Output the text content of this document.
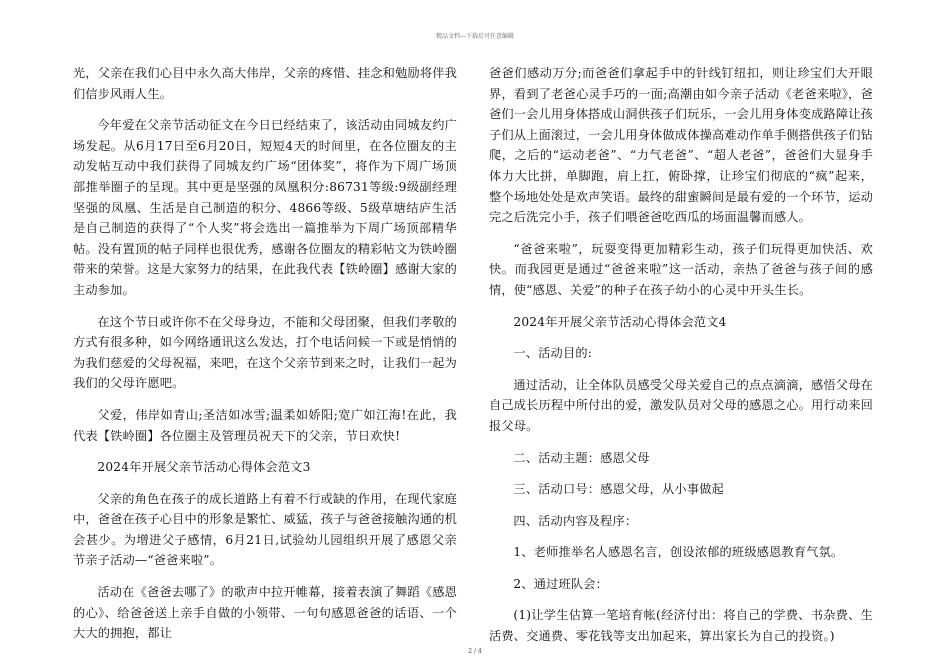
精品文档---下载后可任意编辑

光，父亲在我们心目中永久高大伟岸，父亲的疼惜、挂念和勉励将伴我们信步风雨人生。

今年爱在父亲节活动征文在今日已经结束了，该活动由同城友约广场发起。从6月17日至6月20日，短短4天的时间里，在各位圈友的主动发帖互动中我们获得了同城友约广场“团体奖”，将作为下周广场顶部推举圈子的呈现。其中更是坚强的凤凰积分:86731等级:9级副经理坚强的凤凰、生活是自己制造的积分、4866等级、5级草塘结庐生活是自己制造的获得了“个人奖”将会选出一篇推举为下周广场顶部精华帖。没有置顶的帖子同样也很优秀，感谢各位圈友的精彩帖文为铁岭圈带来的荣誉。这是大家努力的结果，在此我代表【铁岭圈】感谢大家的主动参加。

在这个节日或许你不在父母身边，不能和父母团聚，但我们孝敬的方式有很多种，如今网络通讯这么发达，打个电话问候一下或是悄悄的为我们慈爱的父母祝福，来吧，在这个父亲节到来之时，让我们一起为我们的父母许愿吧。

父爱，伟岸如青山;圣洁如冰雪;温柔如娇阳;宽广如江海!在此，我代表【铁岭圈】各位圈主及管理员祝天下的父亲，节日欢快!

2024年开展父亲节活动心得体会范文3

父亲的角色在孩子的成长道路上有着不行或缺的作用，在现代家庭中，爸爸在孩子心目中的形象是繁忙、威猛，孩子与爸爸接触沟通的机会甚少。为增进父子感情，6月21日,试验幼儿园组织开展了感恩父亲节亲子活动—“爸爸来啦”。

活动在《爸爸去哪了》的歌声中拉开帷幕，接着表演了舞蹈《感恩的心》、给爸爸送上亲手自做的小领带、一句句感恩爸爸的话语、一个大大的拥抱，都让

爸爸们感动万分;而爸爸们拿起手中的针线钉纽扣，则让珍宝们大开眼界，看到了老爸心灵手巧的一面;高潮由如今亲子活动《老爸来啦》，爸爸们一会儿用身体搭成山洞供孩子们玩乐，一会儿用身体变成路障让孩子们从上面滚过，一会儿用身体做成体操高难动作单手侧搭供孩子们钻爬，之后的“运动老爸”、“力气老爸”、“超人老爸”，爸爸们大显身手体力大比拼，单脚跑，肩上扛，俯卧撑，让珍宝们彻底的“疯”起来，整个场地处处是欢声笑语。最终的甜蜜瞬间是最有爱的一个环节，运动完之后洗完小手，孩子们喂爸爸吃西瓜的场面温馨而感人。

“爸爸来啦”，玩耍变得更加精彩生动，孩子们玩得更加快活、欢快。而我园更是通过“爸爸来啦”这一活动，亲热了爸爸与孩子间的感情，使“感恩、关爱”的种子在孩子幼小的心灵中开头生长。

2024年开展父亲节活动心得体会范文4

一、活动目的:

通过活动，让全体队员感受父母关爱自己的点点滴滴，感悟父母在自己成长历程中所付出的爱，激发队员对父母的感恩之心。用行动来回报父母。

二、活动主题：感恩父母

三、活动口号：感恩父母，从小事做起

四、活动内容及程序：

1、老师推举名人感恩名言，创设浓郁的班级感恩教育气氛。

2、通过班队会：

(1)让学生估算一笔培育帐(经济付出：将自己的学费、书杂费、生活费、交通费、零花钱等支出加起来，算出家长为自己的投资。)

2 / 4
